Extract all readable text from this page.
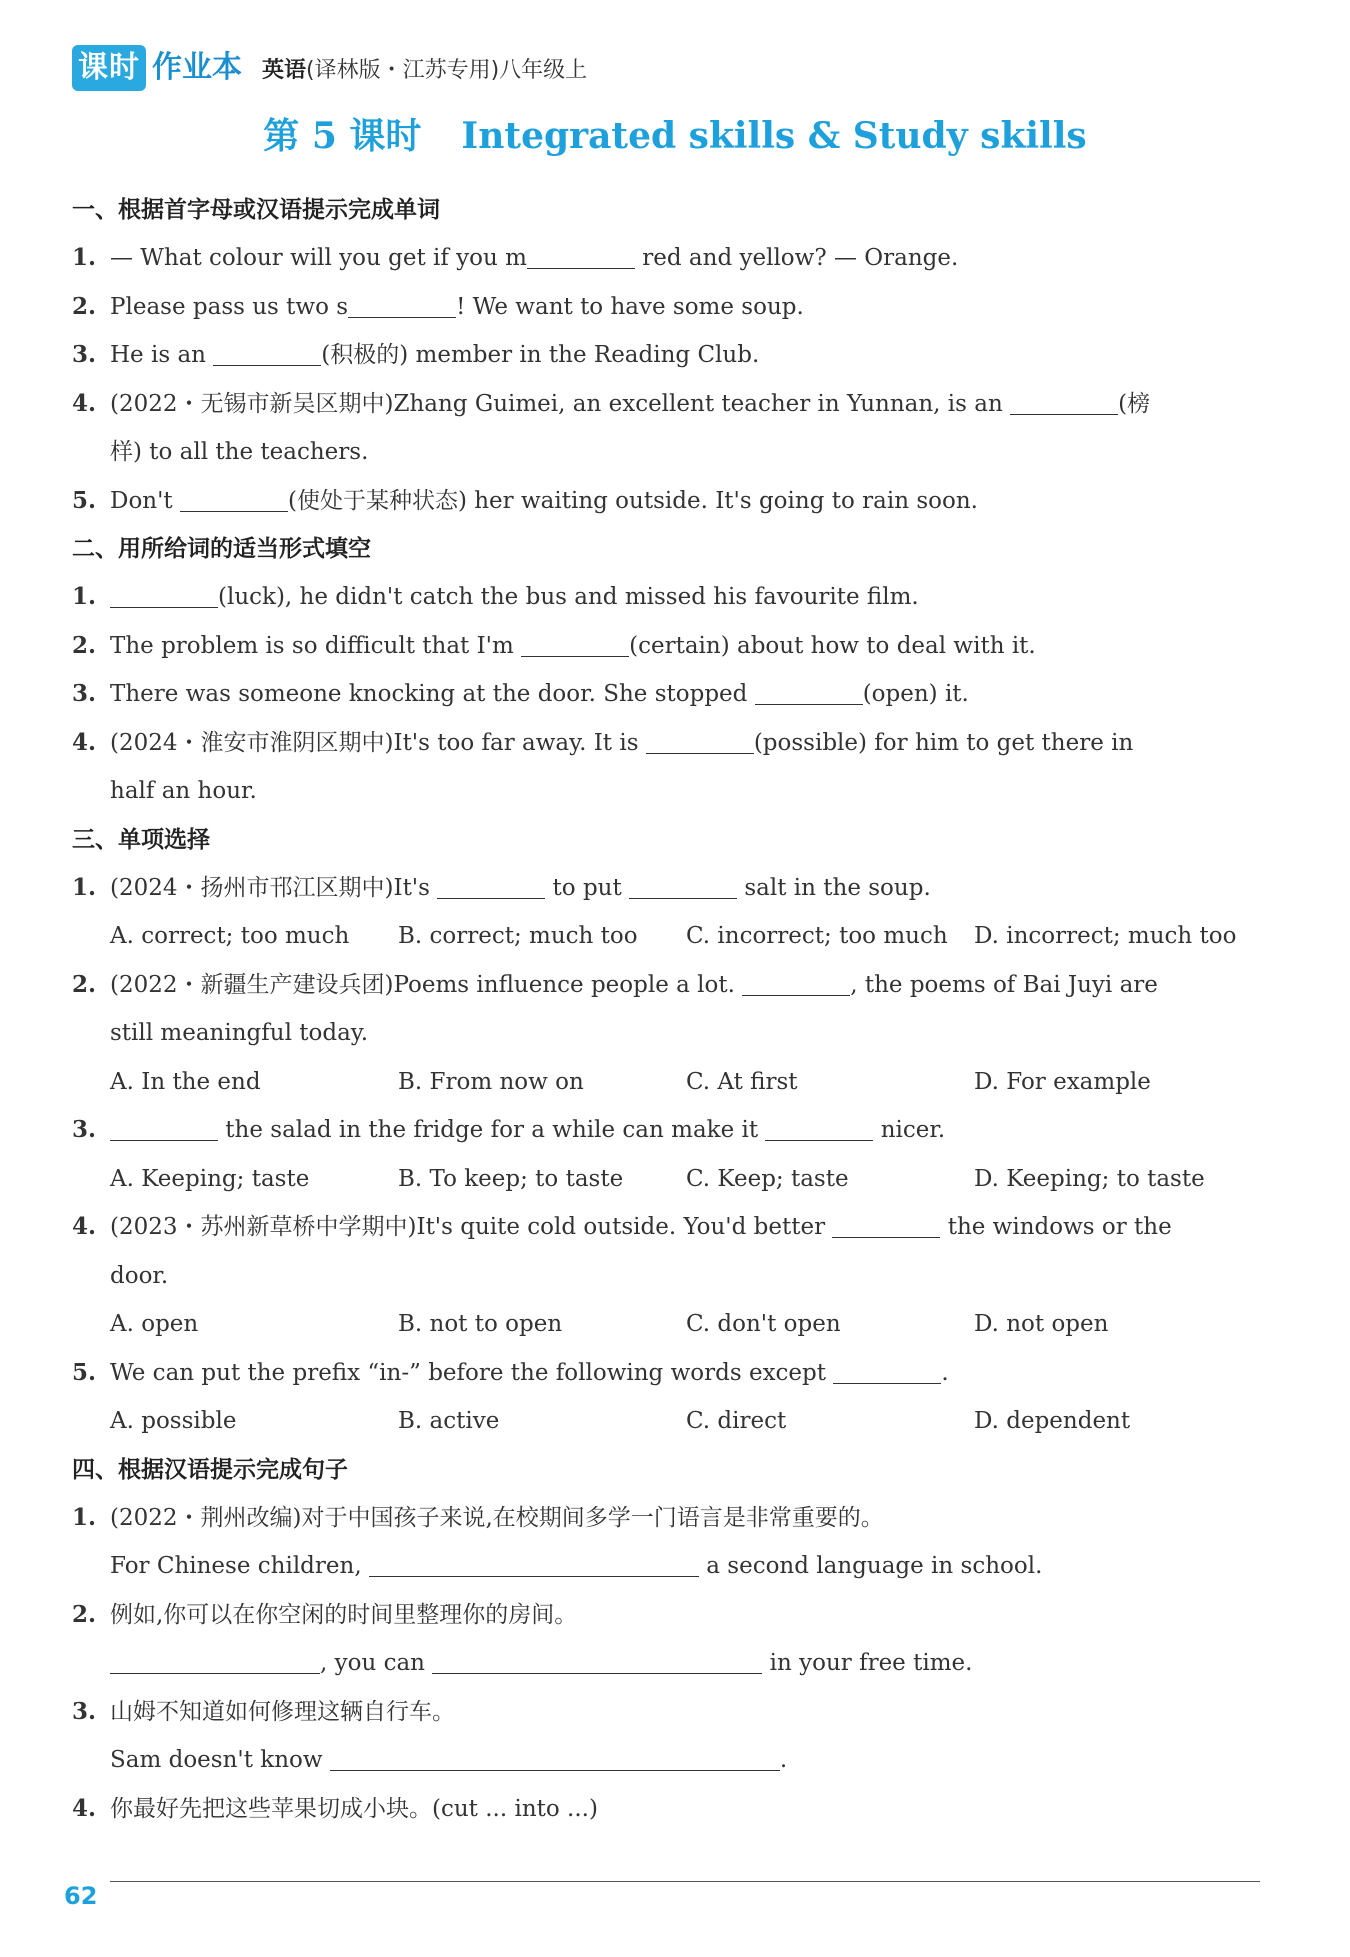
课时 作业本 英语(译林版・江苏专用)八年级上
第 5 课时 Integrated skills & Study skills
一、根据首字母或汉语提示完成单词
1. — What colour will you get if you m	red and yellow? — Orange.
2. Please pass us two s	! We want to have some soup.
3. He is an	(积极的) member in the Reading Club.
4. (2022・无锡市新吴区期中)Zhang Guimei, an excellent teacher in Yunnan, is an	(榜
样) to all the teachers.
5. Don't	(使处于某种状态) her waiting outside. It's going to rain soon.
二、用所给词的适当形式填空
1.	(luck), he didn't catch the bus and missed his favourite film.
2. The problem is so difficult that I'm	(certain) about how to deal with it.
3. There was someone knocking at the door. She stopped	(open) it.
4. (2024・淮安市淮阴区期中)It's too far away. It is	(possible) for him to get there in
half an hour.
三、单项选择
1. (2024・扬州市邗江区期中)It's	to put	salt in the soup.
A. correct; too much	B. correct; much too	C. incorrect; too much	D. incorrect; much too
2. (2022・新疆生产建设兵团)Poems influence people a lot.	, the poems of Bai Juyi are
still meaningful today.
A. In the end	B. From now on	C. At first	D. For example
3.	the salad in the fridge for a while can make it	nicer.
A. Keeping; taste	B. To keep; to taste	C. Keep; taste	D. Keeping; to taste
4. (2023・苏州新草桥中学期中)It's quite cold outside. You'd better	the windows or the
door.
A. open	B. not to open	C. don't open	D. not open
5. We can put the prefix “in-” before the following words except	.
A. possible	B. active	C. direct	D. dependent
四、根据汉语提示完成句子
1. (2022・荆州改编)对于中国孩子来说,在校期间多学一门语言是非常重要的。
For Chinese children,	a second language in school.
2. 例如,你可以在你空闲的时间里整理你的房间。
, you can	in your free time.
3. 山姆不知道如何修理这辆自行车。
Sam doesn't know	.
4. 你最好先把这些苹果切成小块。(cut ... into ...)
62
